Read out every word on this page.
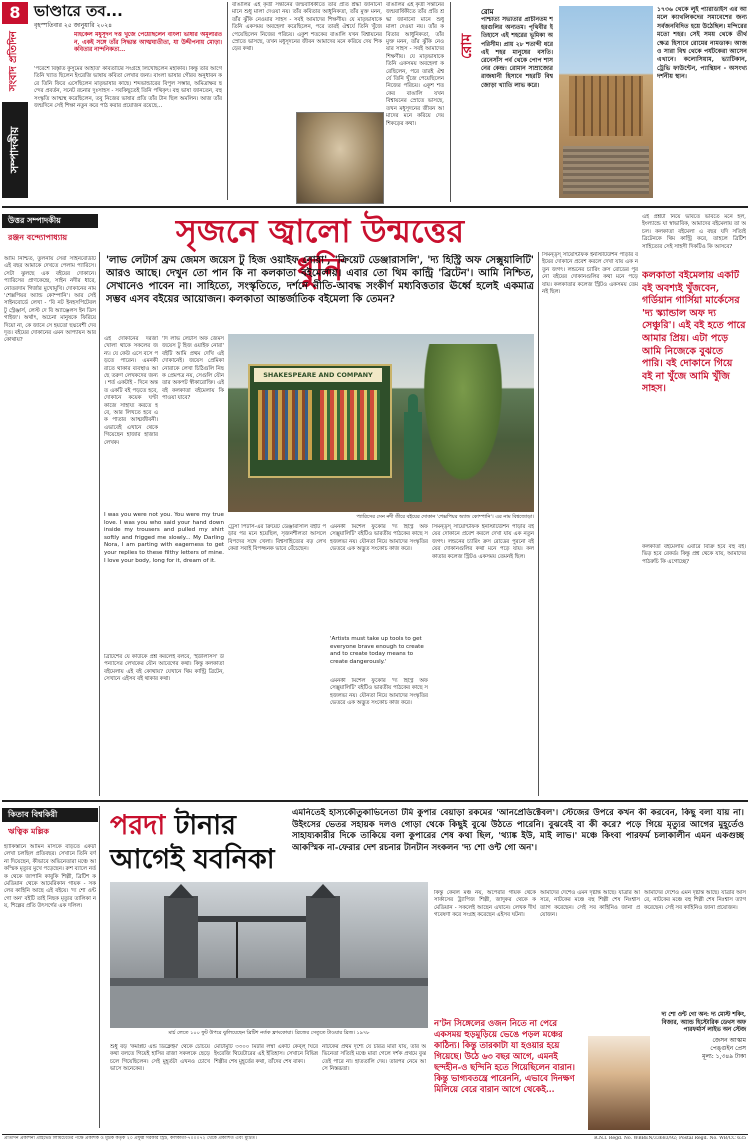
8
সংবাদ প্রতিদিন
সম্পাদকীয়
ভাণ্ডারে তব...
বৃহস্পতিবার ২৫ জানুয়ারি ২০২৪
মাইকেল মধুসূদন দত্ত খুঁজে পেয়েছিলেন বাংলা ভাষার অমূল্যরতন, একই সঙ্গে তাঁর সিদ্ধান্ত আত্মঘাতীতা, যা উদ্দীপনায় মোড়া। কবিতার নান্দনিকতা...
'পরেশে বিস্তৃতি কুসুমের আহতি' কবিতাটির সংগ্রহে লিখেছিলেন মহাকবি। কিন্তু তার আগে তিনি খ্যাত ছিলেন ইংরেজি ভাষায় কবিতা লেখার জন্য। বাংলা ভাষার গৌরব অনুধাবন করে তিনি ফিরে এসেছিলেন মাতৃভাষার কাছে। শব্দভান্ডারের বিপুল সম্ভার, অমিত্রাক্ষর ছন্দের প্রবর্তন, সনেট রচনার দুঃসাহস - সবকিছুতেই তিনি পথিকৃৎ। বহু ভাষা জানতেন, বহু সংস্কৃতি আত্মস্থ করেছিলেন, তবু নিজের ভাষার প্রতি তাঁর টান ছিল অমলিন। আজ তাঁর জন্মদিনে সেই শিক্ষা নতুন করে পাঠ করার প্রয়োজন রয়েছে...
বাঙালির এই কৃতী সন্তানের জন্মবার্ষিকীতে তাঁর প্রতি শ্রদ্ধা জানানো মানে শুধু মালা দেওয়া নয়। তাঁর কবিতার আধুনিকতা, তাঁর মুক্ত মনন, তাঁর ঝুঁকি নেওয়ার সাহস - সবই আমাদের শিক্ষণীয়। যে মাতৃভাষাকে তিনি একসময় অবহেলা করেছিলেন, পরে তারই ঐশ্বর্যে তিনি খুঁজে পেয়েছিলেন নিজের পরিচয়। একুশ শতকের বাঙালি যখন বিশ্বায়নের স্রোতে ভাসছে, তখন মধুসূদনের জীবন আমাদের মনে করিয়ে দেয় শিকড়ের কথা।
বাঙালির এই কৃতী সন্তানের জন্মবার্ষিকীতে তাঁর প্রতি শ্রদ্ধা জানানো মানে শুধু মালা দেওয়া নয়। তাঁর কবিতার আধুনিকতা, তাঁর মুক্ত মনন, তাঁর ঝুঁকি নেওয়ার সাহস - সবই আমাদের শিক্ষণীয়। যে মাতৃভাষাকে তিনি একসময় অবহেলা করেছিলেন, পরে তারই ঐশ্বর্যে তিনি খুঁজে পেয়েছিলেন নিজের পরিচয়। একুশ শতকের বাঙালি যখন বিশ্বায়নের স্রোতে ভাসছে, তখন মধুসূদনের জীবন আমাদের মনে করিয়ে দেয় শিকড়ের কথা।
রোম
রোম
পাশ্চাত্য সভ্যতার প্রাচীনতম শহরগুলির অন্যতম। পৃথিবীর ইতিহাসে এই শহরের ভূমিকা অপরিসীম। প্রায় ২৮ শতাব্দী ধরে এই শহর মানুষের বসতি। রেনেসাঁস পর্ব থেকে পোপ শাসনের কেন্দ্র। রোমান সাম্রাজ্যের রাজধানী হিসাবে শহরটি বিশ্বজোড়া খ্যাতি লাভ করে।
১৭৩৬ থেকে লুই প্যারাডাইস এর আমলে ক্যাথলিকদের সমাবেশের জন্য সর্বজনবিদিত হয়ে উঠেছিল। মন্দিরের মতো শহর। সেই সময় থেকে তীর্থক্ষেত্র হিসাবে রোমের নামডাক। আজও সারা বিশ্ব থেকে পর্যটকেরা আসেন এখানে। কলোসিয়াম, ভ্যাটিকান, ট্রেভি ফাউন্টেন, প্যান্থিয়ন - অসংখ্য দর্শনীয় স্থান।
উত্তর সম্পাদকীয়
রঞ্জন বন্দ্যোপাধ্যায়	সৃজনে জ্বালো উন্মত্তের ধুনি
'লাভ লেটার্স ফ্রম জেমস জয়েস টু হিজ ওয়াইফ নোরা', 'ক্রিয়েট ডেঞ্জারাসলি', 'দ্য হিস্ট্রি অফ সেক্সুয়ালিটি' আরও আছে। দেখুন তো পান কি না কলকাতা বইমেলায়। এবার তো থিম কান্ট্রি 'ব্রিটেন'। আমি নিশ্চিত, সেখানেও পাবেন না। সাহিত্যে, সংস্কৃতিতে, দর্শনে নীতি-আবদ্ধ সংকীর্ণ মধ্যবিত্ততার ঊর্ধ্বে হলেই একমাত্র সম্ভব এসব বইয়ের আয়োজন। কলকাতা আন্তর্জাতিক বইমেলা কি তেমন?
আমি নিশ্চিত, তুলনায় সেরা সাইনবোর্ডটি এই বছর আমাকে দেখতে পেলাম প্যারিসে। সেটা ঝুলছে এক বইয়ের দোকানে। প্যারিসের প্রাণকেন্দ্রে, সাইন নদীর ধারে, নোতরদাম গির্জার মুখোমুখি। দোকানের নাম 'শেক্সপিয়র অ্যান্ড কোম্পানি'। আর সেই সাইনবোর্ডে লেখা - 'বি নট ইনহসপিটেবল টু স্ট্রেঞ্জার্স, লেস্ট দে বি অ্যাঞ্জেলস ইন ডিসগাইজ'। অর্থাৎ, অচেনা মানুষকে ফিরিয়ে দিয়ো না, কে জানে সে হয়তো ছদ্মবেশী দেবদূত। বইয়ের দোকানের এমন আপ্যায়ন আর কোথায়?	এই দোকানের দরজা খোলা থাকে সকলের জন্য। যে কেউ এসে বসে পড়তে পারেন। এমনকী রাতে থাকার ব্যবস্থাও আছে তরুণ লেখকদের জন্য। শর্ত একটাই - দিনে অন্তত একটি বই পড়তে হবে, দোকানে কয়েক ঘণ্টা কাজে সাহায্য করতে হবে, আর লিখতে হবে এক পাতার আত্মজীবনী। এভাবেই এখানে থেকে গিয়েছেন হাজার হাজার লেখক।
'দি লাভ লেটার্স অফ জেমস জয়েস টু হিজ ওয়াইফ নোরা' বইটি আমি প্রথম দেখি এই দোকানেই। জয়েস প্রেমিকা নোরাকে লেখা চিঠিগুলি নিছক প্রেমপত্র নয়, সেগুলি যৌনতার অকপট স্বীকারোক্তি। এই বই কলকাতা বইমেলায় কি পাওয়া যাবে?
SHAKESPEARE AND COMPANY
প্যারিসের সেন নদী তীরে বইয়ের দোকান 'শেক্সপিয়র অ্যান্ড কোম্পানি'। এর নাম বিশ্বজোড়া।
I was you were not you. You were my true love. I was you who said your hand down inside my trousers and pulled my shirt softly and frigged me slowly... My Darling Nora, I am parting with eagerness to get your replies to these filthy letters of mine. I love your body, long for it, dream of it.
ব্রিটিশের যে কাউকে প্রশ্ন করলেই বলবে, 'ইউলিসিস' উপন্যাসের লেখকের যৌন আবেগের কথা। কিন্তু কলকাতা বইমেলায় এই বই কোথায়? যেখানে থিম কান্ট্রি ব্রিটেন, সেখানে এইসব বই থাকার কথা।
ট্রেসা পিটার্স-এর ক্রিয়েট ডেঞ্জারাসলি বইটি পড়ার পর মনে হয়েছিল, সৃজনশীলতা আসলে বিপদের সঙ্গে খেলা। বিশ্বসাহিত্যের বড় লেখকেরা সবাই বিপজ্জনক ভাবে বেঁচেছেন।
এমনকী মিশেল ফুকোর 'দ্য হিস্ট্রি অফ সেক্সুয়ালিটি' বইটিও ভারতীয় পাঠকের কাছে সহজলভ্য নয়। যৌনতা নিয়ে আমাদের সংস্কৃতির ভেতরে এক অদ্ভুত সংকোচ কাজ করে।
'Artists must take up tools to get everyone brave enough to create and to create today means to create dangerously.'
এমনকী মিশেল ফুকোর 'দ্য হিস্ট্রি অফ সেক্সুয়ালিটি' বইটিও ভারতীয় পাঠকের কাছে সহজলভ্য নয়। যৌনতা নিয়ে আমাদের সংস্কৃতির ভেতরে এক অদ্ভুত সংকোচ কাজ করে।
সিমন্ড্‌স্‌ সায়েন্টিফিক ইনস্টিটিউশন পাড়ার বইয়ের দোকানে প্রবেশ করলে দেখা যায় এক নতুন জগৎ। লন্ডনের চ্যারিং ক্রস রোডের পুরনো বইয়ের দোকানগুলির কথা মনে পড়ে যায়। কলকাতার কলেজ স্ট্রিটও একসময় তেমনই ছিল।
সিমন্ড্‌স্‌ সায়েন্টিফিক ইনস্টিটিউশন পাড়ার বইয়ের দোকানে প্রবেশ করলে দেখা যায় এক নতুন জগৎ। লন্ডনের চ্যারিং ক্রস রোডের পুরনো বইয়ের দোকানগুলির কথা মনে পড়ে যায়। কলকাতার কলেজ স্ট্রিটও একসময় তেমনই ছিল।
এই প্রশ্নটা নিয়ে ভাবতে ভাবতে মনে হল, ইংল্যান্ডে যা স্বাভাবিক, আমাদের বইমেলায় তা অচল। কলকাতা বইমেলা এ বছর যদি সত্যিই ব্রিটেনকে থিম কান্ট্রি করে, তাহলে ব্রিটিশ সাহিত্যের সেই সাহসী দিকটিও কি আসবে?
কলকাতা বইমেলায় একটি বই অবশ্যই খুঁজবেন, গর্ডিয়ান গার্সিয়া মার্কেসের 'দ্য স্ক্যান্ডাল অফ দ্য সেঞ্চুরি'। এই বই হতে পারে আমার প্রিয়। এটা পড়ে আমি নিজেকে বুঝতে পারি। বই দোকানে গিয়ে বই না খুঁজে আমি খুঁজি সাহস।
কলকাতা বইমেলায় এবারে বিক্রি হবে বহু বই। ভিড় হবে রেকর্ড। কিন্তু প্রশ্ন থেকে যায়, আমাদের পাঠরুচি কি এগোচ্ছে?
কিতাব বিশ্বকিরী
ঋত্বিক মল্লিক পরদা টানার
আগেই যবনিকা
এমনিতেই হাস্যকৌতুকাভিনেতা টমি কুপার বেয়াড়া রকমের 'আনপ্রেডিক্টেবল'। স্টেজের উপরে কখন কী করবেন, কিছু বলা যায় না। উইংসের ভেতর সহায়ক দলও গোড়া থেকে কিছুই বুঝে উঠতে পারেনি। বুঝবেই বা কী করে? পড়ে গিয়ে মৃত্যুর আগের মুহূর্তেও সাহায্যকারীর দিকে তাকিয়ে বলা কুপারের শেষ কথা ছিল, 'থ্যাঙ্ক ইউ, মাই লাভ।' মঞ্চে কিংবা পারফর্ম চলাকালীন এমন একগুচ্ছ আকস্মিক না-ফেরার দেশ রচনার টানটান সংকলন 'দ্য শো ওন্ট গো অন'।
হ্যাকিস্তানে আমিন মাসকে বাড়তে একটা লেখা চলছিল প্রতিবছর। সেখানে তিনি বর্ণনা দিয়েছেন, কীভাবে অভিনেতারা মঞ্চে আকস্মিক মৃত্যুর মুখে পড়েছেন। রুশ ব্যালে নর্তক থেকে জাপানি কাবুকি শিল্পী, ব্রিটিশ কমেডিয়ান থেকে আমেরিকান গায়ক - সকলের কাহিনি আছে এই বইয়ে। 'দ্য শো ওন্ট গো অন' বইটি তাই নিছক মৃত্যুর তালিকা নয়, শিল্পের প্রতি উৎসর্গের এক দলিল।
মার্চ লেতে ১০০ ফুট উপরে ঝুলিয়েছেন ব্রিটিশ নর্তক ফ্রাংকোয়া। ব্রিজের সেতুতে টাওয়ার ব্রিজ। ১৯৭৮
শুধু বড় 'কমপ্লিট এন্ড ডিক্লেইম' থেকে চেঁচিয়ে কথা বলতে গিয়েই হাসির রাজা সকলকে ছেড়ে চলে গিয়েছিলেন। সেই মুহূর্তটা এখনও চোখে ভাসে অনেকের।
মোটামুটি ৩৩০০ মিটার লম্বা একটি কেব্ল্‌ ঘিরে ইংরেজি থিয়েটারের এই ইতিহাস। সেখানে বিভিন্ন শিল্পীর শেষ মুহূর্তের কথা, তাঁদের শেষ বাক্য।
নাটকের প্রথম দৃশ্যে যে চরিত্র মারা যায়, তার অভিনেতা সত্যিই মঞ্চে মারা গেলে দর্শক প্রথমে বুঝতেই পারে না। হাততালি দেয়। তারপর নেমে আসে নিস্তব্ধতা।
কিন্তু কেবল মঞ্চ নয়, অপেরার গায়ক থেকে সার্কাসের ট্র্যাপিজ শিল্পী, জাদুকর থেকে কমেডিয়ান - সকলেই আছেন এখানে। লেখক দীর্ঘ গবেষণা করে সংগ্রহ করেছেন এইসব ঘটনা।
আমাদের দেশেও এমন দৃষ্টান্ত আছে। যাত্রার আসরে, নাটকের মঞ্চে বহু শিল্পী শেষ নিঃশ্বাস ত্যাগ করেছেন। সেই সব কাহিনিও জানা প্রয়োজন।
ন'টন সিঙ্গেলের ওজন নিতে না পেরে একসময় হুড়মুড়িয়ে ভেঙে পড়ল মঞ্চের কাঠিন্য। কিন্তু তারকাটা যা হওয়ার হয়ে গিয়েছে। উঠে ৬৩ বছর আগে, এমনই ছন্দহীন-ও ছন্দিনি হতে গিয়েছিলেন বারান। কিন্তু ভাগ্যবতন্ত্রে পারেননি, এভাবে দিনক্ষণ মিলিয়ে বেরে বারান আগে থেকেই...
আমাদের দেশেও এমন দৃষ্টান্ত আছে। যাত্রার আসরে, নাটকের মঞ্চে বহু শিল্পী শেষ নিঃশ্বাস ত্যাগ করেছেন। সেই সব কাহিনিও জানা প্রয়োজন।
দ্য শো ওন্ট গো অন: দ্য মোস্ট শকিং, বিজার, অ্যান্ড হিস্টোরিক ডেথস অফ পারফর্মার্স লাইভ অন স্টেজ
জেসন আস্কাম
পেঙ্গুইন প্রেস
মূল্য: ১,৩৪৯ টাকা
প্রতিদিন প্রকাশনী প্রাইভেট লিমিটেডের পক্ষে প্রকাশক ও মুদ্রক কর্তৃক ২০ প্রফুল্ল সরকার স্ট্রিট, কলকাতা-৭০০০৭২ থেকে প্রকাশিত এবং মুদ্রিত।	R.N.I. Regd. No. WBBEN/33683/92; Postal Regd. No. WB/CC 635
